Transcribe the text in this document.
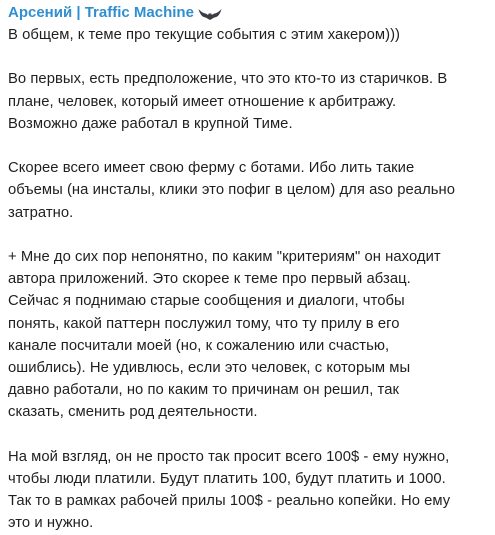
Арсений | Traffic Machine

В общем, к теме про текущие события с этим хакером)))

Во первых, есть предположение, что это кто-то из старичков. В
плане, человек, который имеет отношение к арбитражу.
Возможно даже работал в крупной Тиме.

Скорее всего имеет свою ферму с ботами. Ибо лить такие
объемы (на инсталы, клики это пофиг в целом) для aso реально
затратно.

+ Мне до сих пор непонятно, по каким "критериям" он находит
автора приложений. Это скорее к теме про первый абзац.
Сейчас я поднимаю старые сообщения и диалоги, чтобы
понять, какой паттерн послужил тому, что ту прилу в его
канале посчитали моей (но, к сожалению или счастью,
ошиблись). Не удивлюсь, если это человек, с которым мы
давно работали, но по каким то причинам он решил, так
сказать, сменить род деятельности.

На мой взгляд, он не просто так просит всего 100$ - ему нужно,
чтобы люди платили. Будут платить 100, будут платить и 1000.
Так то в рамках рабочей прилы 100$ - реально копейки. Но ему
это и нужно.
